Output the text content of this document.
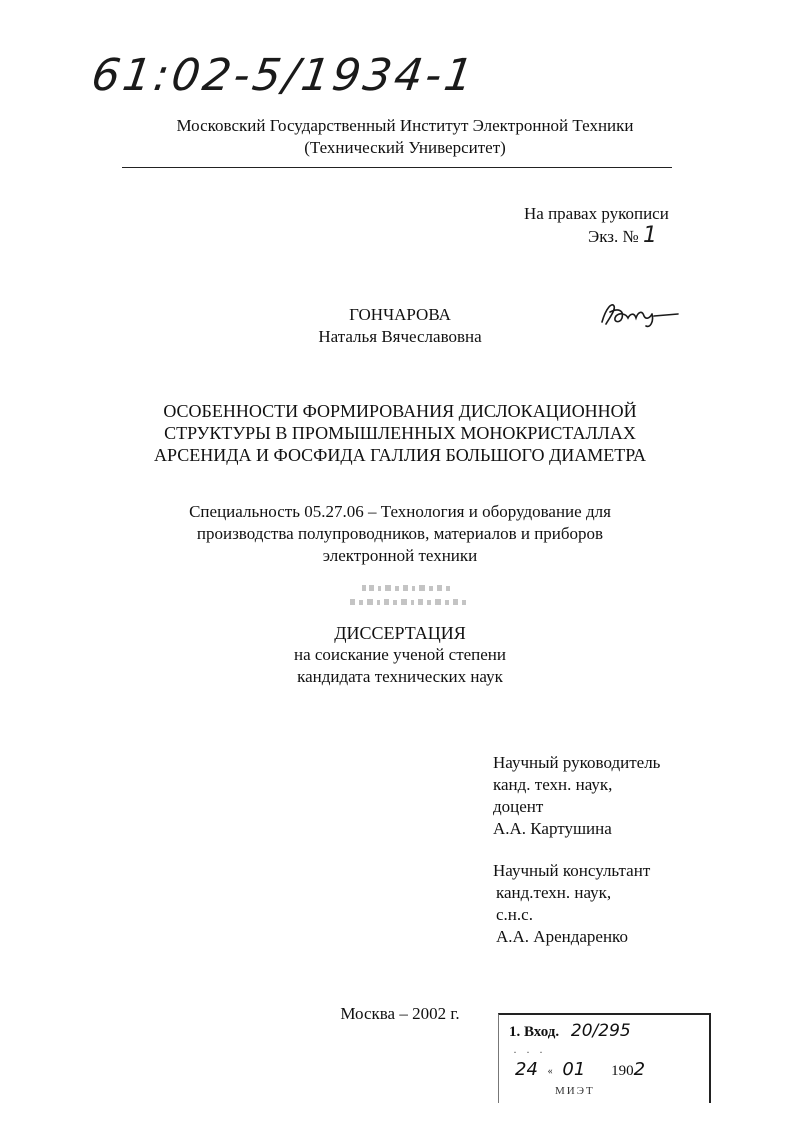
61:02-5/1934-1
Московский Государственный Институт Электронной Техники
(Технический Университет)
На правах рукописи
Экз. № 1
ГОНЧАРОВА
Наталья Вячеславовна
ОСОБЕННОСТИ ФОРМИРОВАНИЯ ДИСЛОКАЦИОННОЙ
СТРУКТУРЫ В ПРОМЫШЛЕННЫХ МОНОКРИСТАЛЛАХ
АРСЕНИДА И ФОСФИДА ГАЛЛИЯ БОЛЬШОГО ДИАМЕТРА
Специальность 05.27.06 – Технология и оборудование для
производства полупроводников, материалов и приборов
электронной техники
ДИССЕРТАЦИЯ
на соискание ученой степени
кандидата технических наук
Научный руководитель
канд. техн. наук,
доцент
А.А. Картушина
Научный консультант
канд.техн. наук,
с.н.с.
А.А. Арендаренко
Москва – 2002 г.
1. Вход. 20/295
· · ·
24 « 01 1902
МИЭТ
